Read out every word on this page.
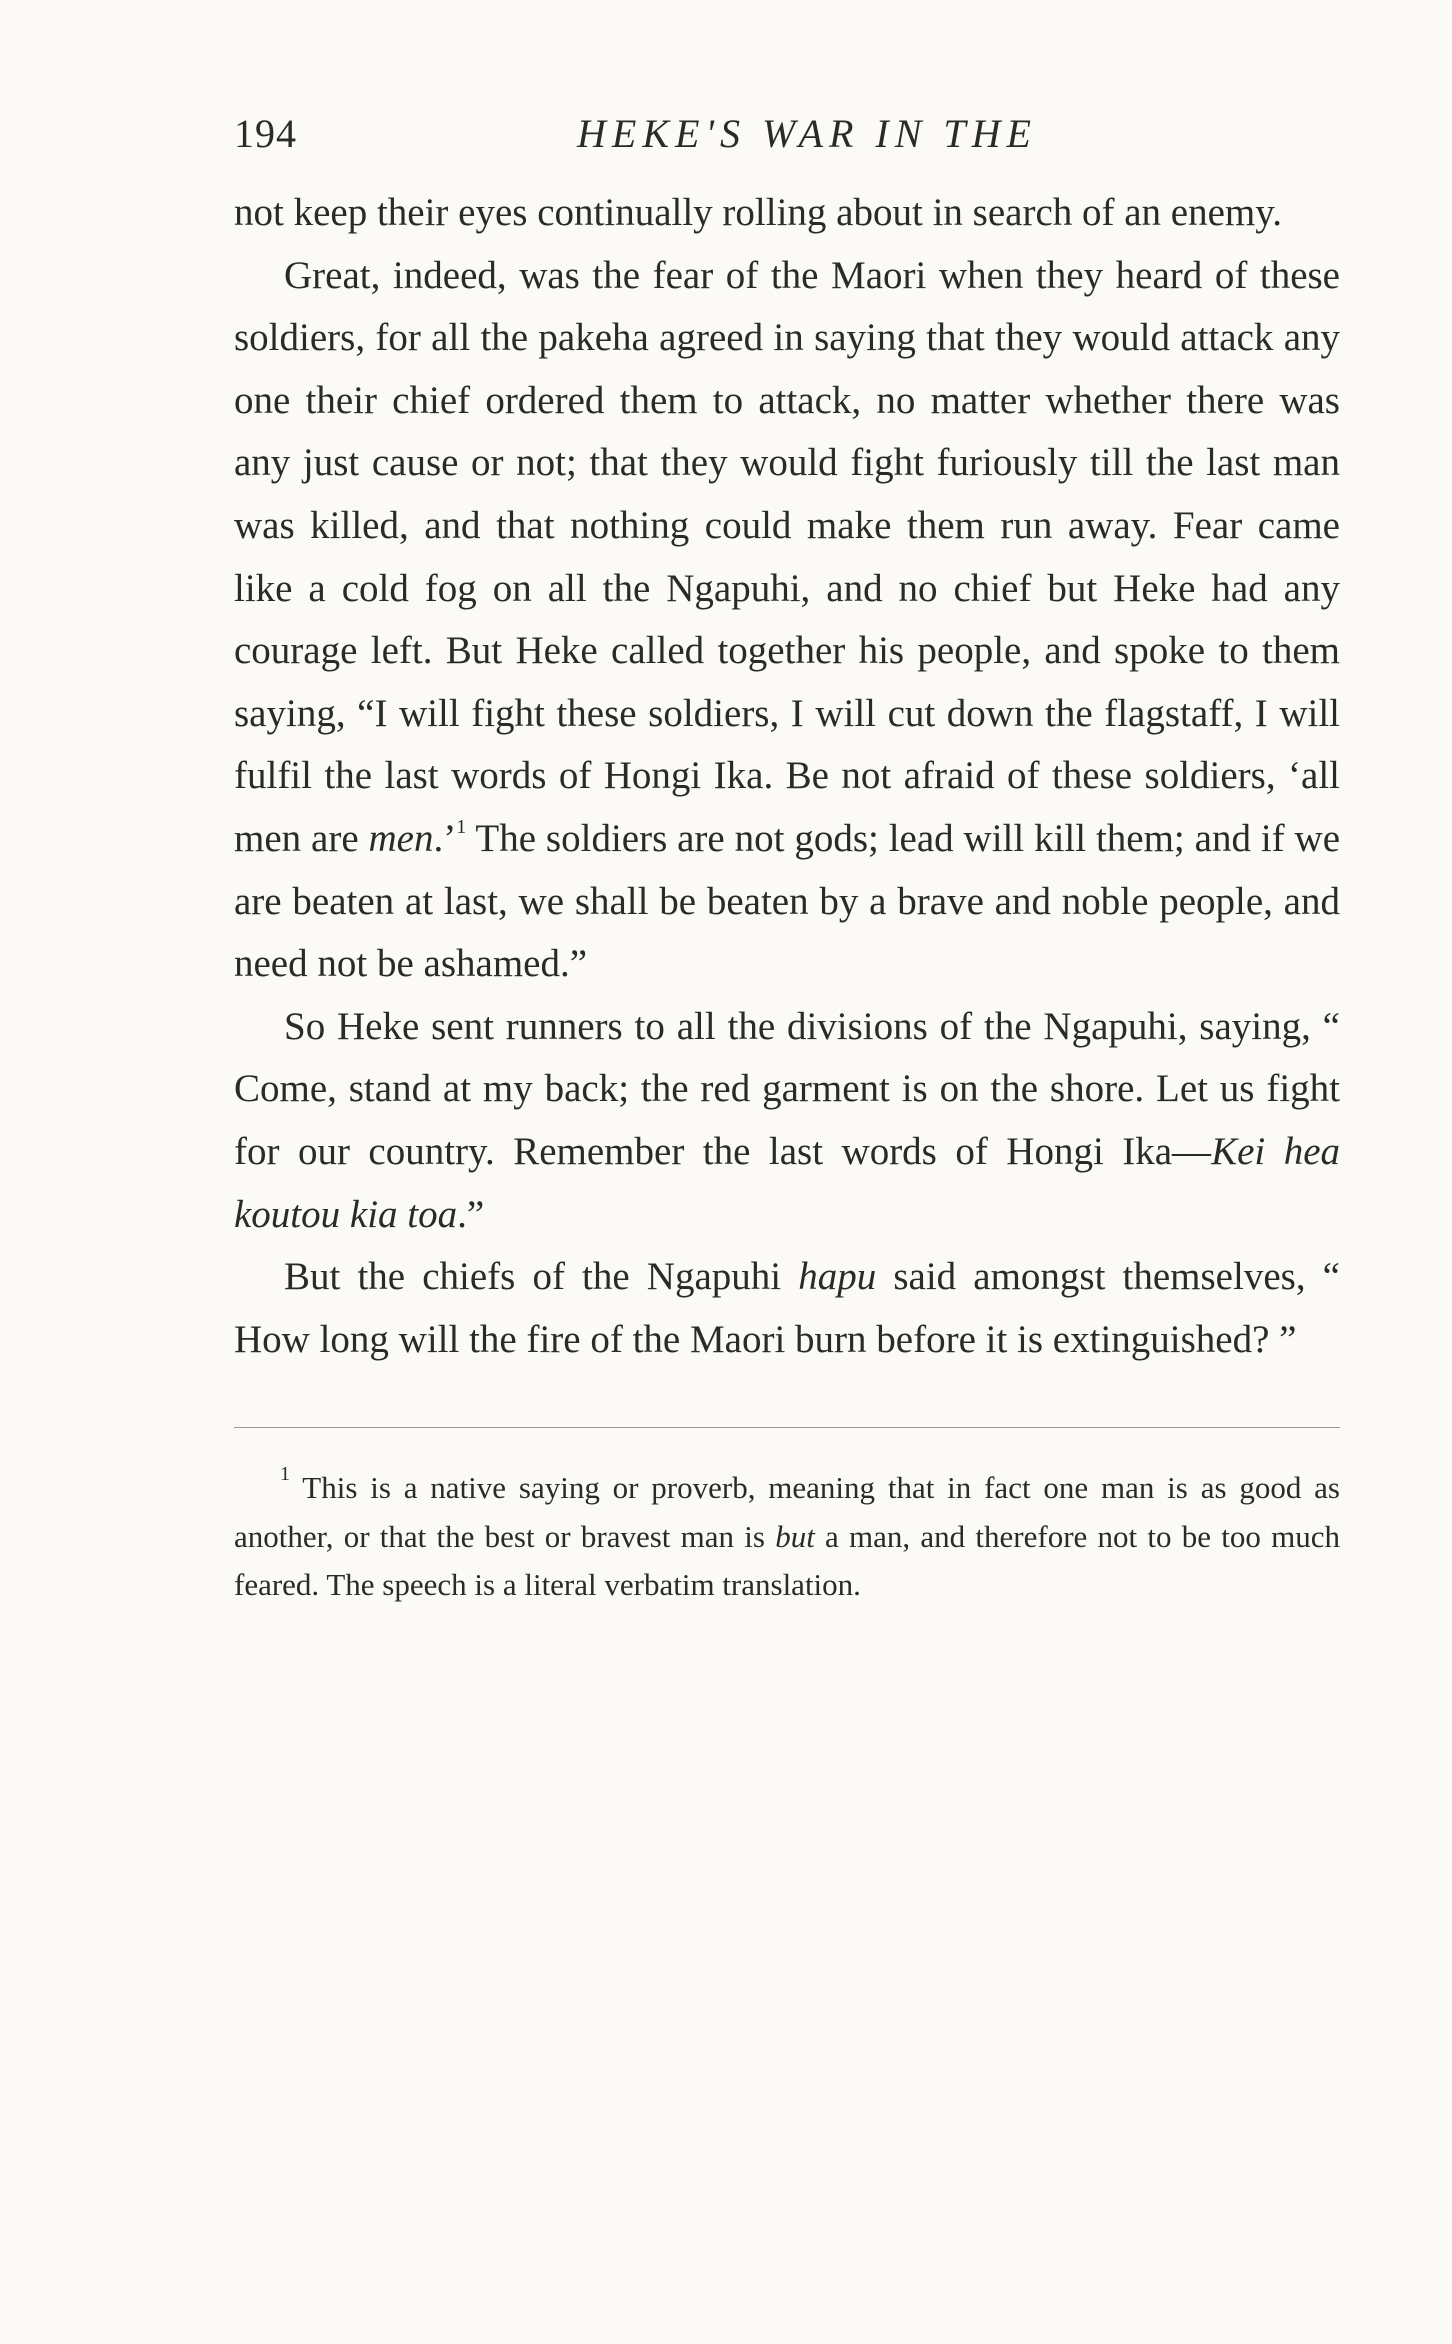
194	HEKE'S WAR IN THE

not keep their eyes continually rolling about in search of an enemy.

Great, indeed, was the fear of the Maori when they heard of these soldiers, for all the pakeha agreed in saying that they would attack any one their chief ordered them to attack, no matter whether there was any just cause or not; that they would fight furiously till the last man was killed, and that nothing could make them run away. Fear came like a cold fog on all the Ngapuhi, and no chief but Heke had any courage left. But Heke called together his people, and spoke to them saying, “I will fight these soldiers, I will cut down the flagstaff, I will fulfil the last words of Hongi Ika. Be not afraid of these soldiers, ‘all men are men.’$^1$ The soldiers are not gods; lead will kill them; and if we are beaten at last, we shall be beaten by a brave and noble people, and need not be ashamed.”

So Heke sent runners to all the divisions of the Ngapuhi, saying, “ Come, stand at my back; the red garment is on the shore. Let us fight for our country. Remember the last words of Hongi Ika—Kei hea koutou kia toa.”

But the chiefs of the Ngapuhi hapu said amongst themselves, “ How long will the fire of the Maori burn before it is extinguished? ”

$^1$ This is a native saying or proverb, meaning that in fact one man is as good as another, or that the best or bravest man is but a man, and therefore not to be too much feared. The speech is a literal verbatim translation.
